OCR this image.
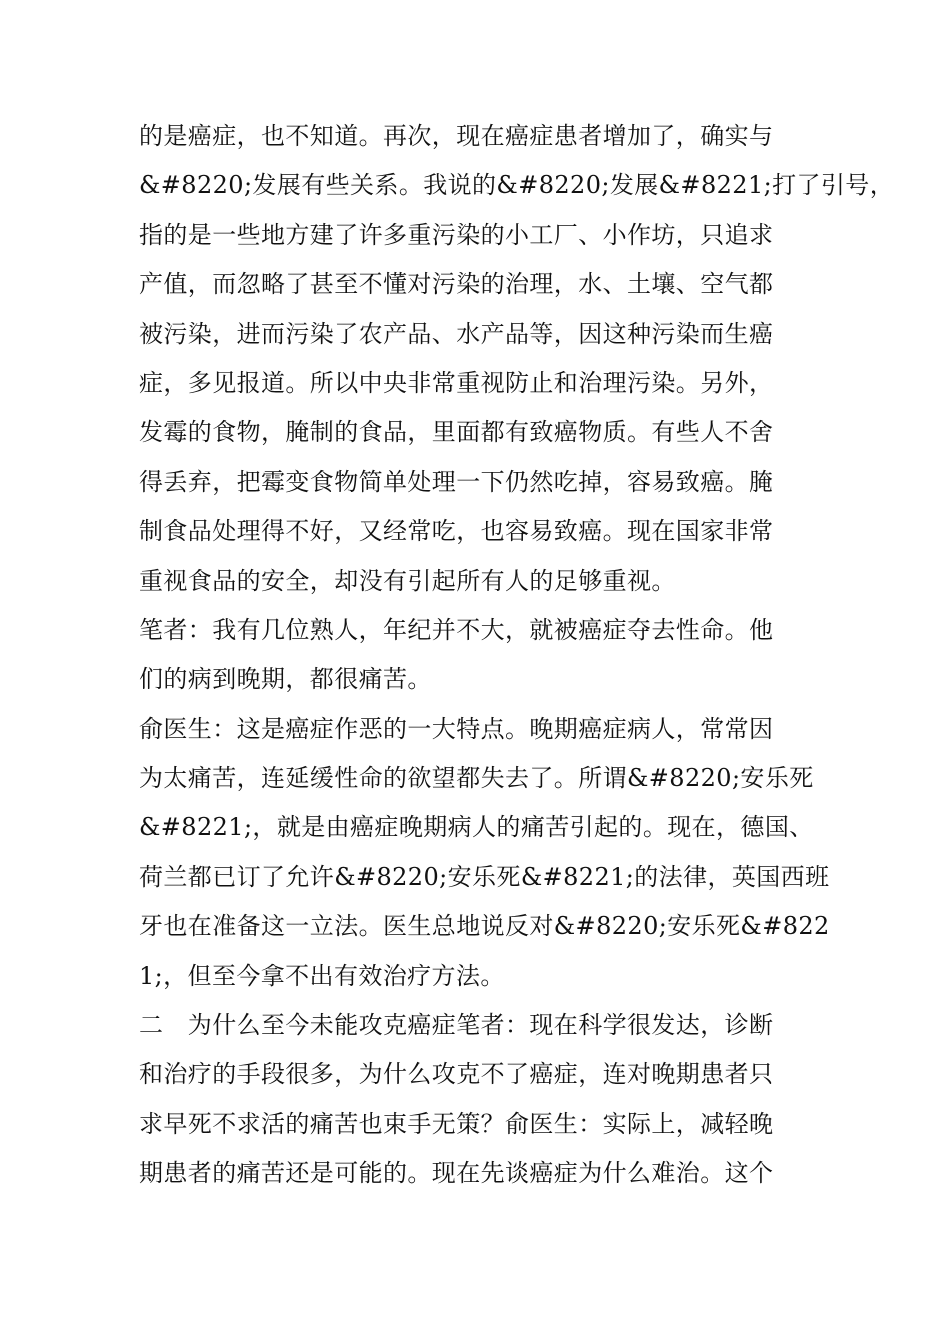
的是癌症，也不知道。再次，现在癌症患者增加了，确实与
&#8220;发展有些关系。我说的&#8220;发展&#8221;打了引号，
指的是一些地方建了许多重污染的小工厂、小作坊，只追求
产值，而忽略了甚至不懂对污染的治理，水、土壤、空气都
被污染，进而污染了农产品、水产品等，因这种污染而生癌
症，多见报道。所以中央非常重视防止和治理污染。另外，
发霉的食物，腌制的食品，里面都有致癌物质。有些人不舍
得丢弃，把霉变食物简单处理一下仍然吃掉，容易致癌。腌
制食品处理得不好，又经常吃，也容易致癌。现在国家非常
重视食品的安全，却没有引起所有人的足够重视。
笔者：我有几位熟人，年纪并不大，就被癌症夺去性命。他
们的病到晚期，都很痛苦。
俞医生：这是癌症作恶的一大特点。晚期癌症病人，常常因
为太痛苦，连延缓性命的欲望都失去了。所谓&#8220;安乐死
&#8221;，就是由癌症晚期病人的痛苦引起的。现在，德国、
荷兰都已订了允许&#8220;安乐死&#8221;的法律，英国西班
牙也在准备这一立法。医生总地说反对&#8220;安乐死&#822
1;，但至今拿不出有效治疗方法。
二　为什么至今未能攻克癌症笔者：现在科学很发达，诊断
和治疗的手段很多，为什么攻克不了癌症，连对晚期患者只
求早死不求活的痛苦也束手无策？俞医生：实际上，减轻晚
期患者的痛苦还是可能的。现在先谈癌症为什么难治。这个
